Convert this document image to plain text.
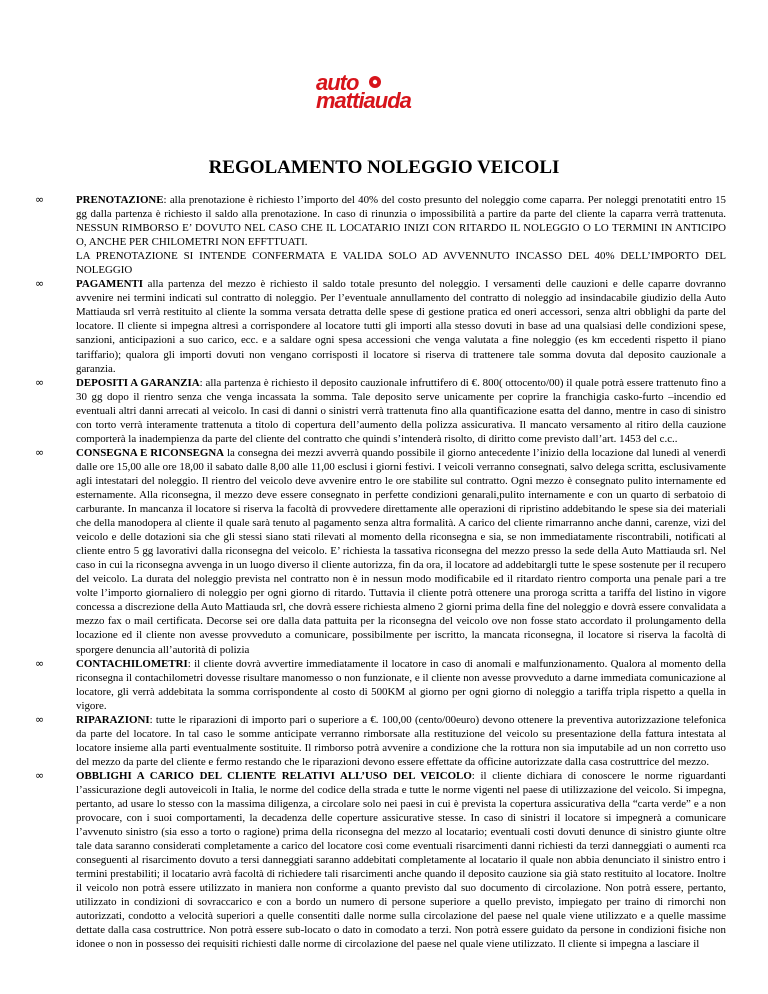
auto
mattiauda
REGOLAMENTO NOLEGGIO VEICOLI
∞	PRENOTAZIONE: alla prenotazione è richiesto l’importo del 40% del costo presunto del noleggio come caparra. Per noleggi prenotatiti entro 15 gg dalla partenza è richiesto il saldo alla prenotazione. In caso di rinunzia o impossibilità a partire da parte del cliente la caparra verrà trattenuta. NESSUN RIMBORSO E’ DOVUTO NEL CASO CHE IL LOCATARIO INIZI CON RITARDO IL NOLEGGIO O LO TERMINI IN ANTICIPO O, ANCHE PER CHILOMETRI NON EFFTTUATI.
LA PRENOTAZIONE SI INTENDE CONFERMATA E VALIDA SOLO AD AVVENNUTO INCASSO DEL 40% DELL’IMPORTO DEL NOLEGGIO
∞	PAGAMENTI alla partenza del mezzo è richiesto il saldo totale presunto del noleggio. I versamenti delle cauzioni e delle caparre dovranno avvenire nei termini indicati sul contratto di noleggio. Per l’eventuale annullamento del contratto di noleggio ad insindacabile giudizio della Auto Mattiauda srl verrà restituito al cliente la somma versata detratta delle spese di gestione pratica ed oneri accessori, senza altri obblighi da parte del locatore. Il cliente si impegna altresì a corrispondere al locatore tutti gli importi alla stesso dovuti in base ad una qualsiasi delle condizioni spese, sanzioni, anticipazioni a suo carico, ecc. e a saldare ogni spesa accessioni che venga valutata a fine noleggio (es km eccedenti rispetto il piano tariffario); qualora gli importi dovuti non vengano corrisposti il locatore si riserva di trattenere tale somma dovuta dal deposito cauzionale a garanzia.
∞	DEPOSITI A GARANZIA: alla partenza è richiesto il deposito cauzionale infruttifero di €. 800( ottocento/00) il quale potrà essere trattenuto fino a 30 gg dopo il rientro senza che venga incassata la somma. Tale deposito serve unicamente per coprire la franchigia casko-furto –incendio ed eventuali altri danni arrecati al veicolo. In casi di danni o sinistri verrà trattenuta fino alla quantificazione esatta del danno, mentre in caso di sinistro con torto verrà interamente trattenuta a titolo di copertura dell’aumento della polizza assicurativa. Il mancato versamento al ritiro della cauzione comporterà la inadempienza da parte del cliente del contratto che quindi s’intenderà risolto, di diritto come previsto dall’art. 1453 del c.c..
∞	CONSEGNA E RICONSEGNA la consegna dei mezzi avverrà quando possibile il giorno antecedente l’inizio della locazione dal lunedì al venerdì dalle ore 15,00 alle ore 18,00 il sabato dalle 8,00 alle 11,00 esclusi i giorni festivi. I veicoli verranno consegnati, salvo delega scritta, esclusivamente agli intestatari del noleggio. Il rientro del veicolo deve avvenire entro le ore stabilite sul contratto. Ogni mezzo è consegnato pulito internamente ed esternamente. Alla riconsegna, il mezzo deve essere consegnato in perfette condizioni genarali,pulito internamente e con un quarto di serbatoio di carburante. In mancanza il locatore si riserva la facoltà di provvedere direttamente alle operazioni di ripristino addebitando le spese sia dei materiali che della manodopera al cliente il quale sarà tenuto al pagamento senza altra formalità. A carico del cliente rimarranno anche danni, carenze, vizi del veicolo e delle dotazioni sia che gli stessi siano stati rilevati al momento della riconsegna e sia, se non immediatamente riscontrabili, notificati al cliente entro 5 gg lavorativi dalla riconsegna del veicolo. E’ richiesta la tassativa riconsegna del mezzo presso la sede della Auto Mattiauda srl. Nel caso in cui la riconsegna avvenga in un luogo diverso il cliente autorizza, fin da ora, il locatore ad addebitargli tutte le spese sostenute per il recupero del veicolo. La durata del noleggio prevista nel contratto non è in nessun modo modificabile ed il ritardato rientro comporta una penale pari a tre volte l’importo giornaliero di noleggio per ogni giorno di ritardo. Tuttavia il cliente potrà ottenere una proroga scritta a tariffa del listino in vigore concessa a discrezione della Auto Mattiauda srl, che dovrà essere richiesta almeno 2 giorni prima della fine del noleggio e dovrà essere convalidata a mezzo fax o mail certificata. Decorse sei ore dalla data pattuita per la riconsegna del veicolo ove non fosse stato accordato il prolungamento della locazione ed il cliente non avesse provveduto a comunicare, possibilmente per iscritto, la mancata riconsegna, il locatore si riserva la facoltà di sporgere denuncia all’autorità di polizia
∞	CONTACHILOMETRI: il cliente dovrà avvertire immediatamente il locatore in caso di anomali e malfunzionamento. Qualora al momento della riconsegna il contachilometri dovesse risultare manomesso o non funzionate, e il cliente non avesse provveduto a darne immediata comunicazione al locatore, gli verrà addebitata la somma corrispondente al costo di 500KM al giorno per ogni giorno di noleggio a tariffa tripla rispetto a quella in vigore.
∞	RIPARAZIONI: tutte le riparazioni di importo pari o superiore a €. 100,00 (cento/00euro) devono ottenere la preventiva autorizzazione telefonica da parte del locatore. In tal caso le somme anticipate verranno rimborsate alla restituzione del veicolo su presentazione della fattura intestata al locatore insieme alla parti eventualmente sostituite. Il rimborso potrà avvenire a condizione che la rottura non sia imputabile ad un non corretto uso del mezzo da parte del cliente e fermo restando che le riparazioni devono essere effettate da officine autorizzate dalla casa costruttrice del mezzo.
∞	OBBLIGHI A CARICO DEL CLIENTE RELATIVI ALL’USO DEL VEICOLO: il cliente dichiara di conoscere le norme riguardanti l’assicurazione degli autoveicoli in Italia, le norme del codice della strada e tutte le norme vigenti nel paese di utilizzazione del veicolo. Si impegna, pertanto, ad usare lo stesso con la massima diligenza, a circolare solo nei paesi in cui è prevista la copertura assicurativa della “carta verde” e a non provocare, con i suoi comportamenti, la decadenza delle coperture assicurative stesse. In caso di sinistri il locatore si impegnerà a comunicare l’avvenuto sinistro (sia esso a torto o ragione) prima della riconsegna del mezzo al locatario; eventuali costi dovuti denunce di sinistro giunte oltre tale data saranno considerati completamente a carico del locatore così come eventuali risarcimenti danni richiesti da terzi danneggiati o aumenti rca conseguenti al risarcimento dovuto a tersi danneggiati saranno addebitati completamente al locatario il quale non abbia denunciato il sinistro entro i termini prestabiliti; il locatario avrà facoltà di richiedere tali risarcimenti anche quando il deposito cauzione sia già stato restituito al locatore. Inoltre il veicolo non potrà essere utilizzato in maniera non conforme a quanto previsto dal suo documento di circolazione. Non potrà essere, pertanto, utilizzato in condizioni di sovraccarico e con a bordo un numero di persone superiore a quello previsto, impiegato per traino di rimorchi non autorizzati, condotto a velocità superiori a quelle consentiti dalle norme sulla circolazione del paese nel quale viene utilizzato e a quelle massime dettate dalla casa costruttrice. Non potrà essere sub-locato o dato in comodato a terzi. Non potrà essere guidato da persone in condizioni fisiche non idonee o non in possesso dei requisiti richiesti dalle norme di circolazione del paese nel quale viene utilizzato. Il cliente si impegna a lasciare il
